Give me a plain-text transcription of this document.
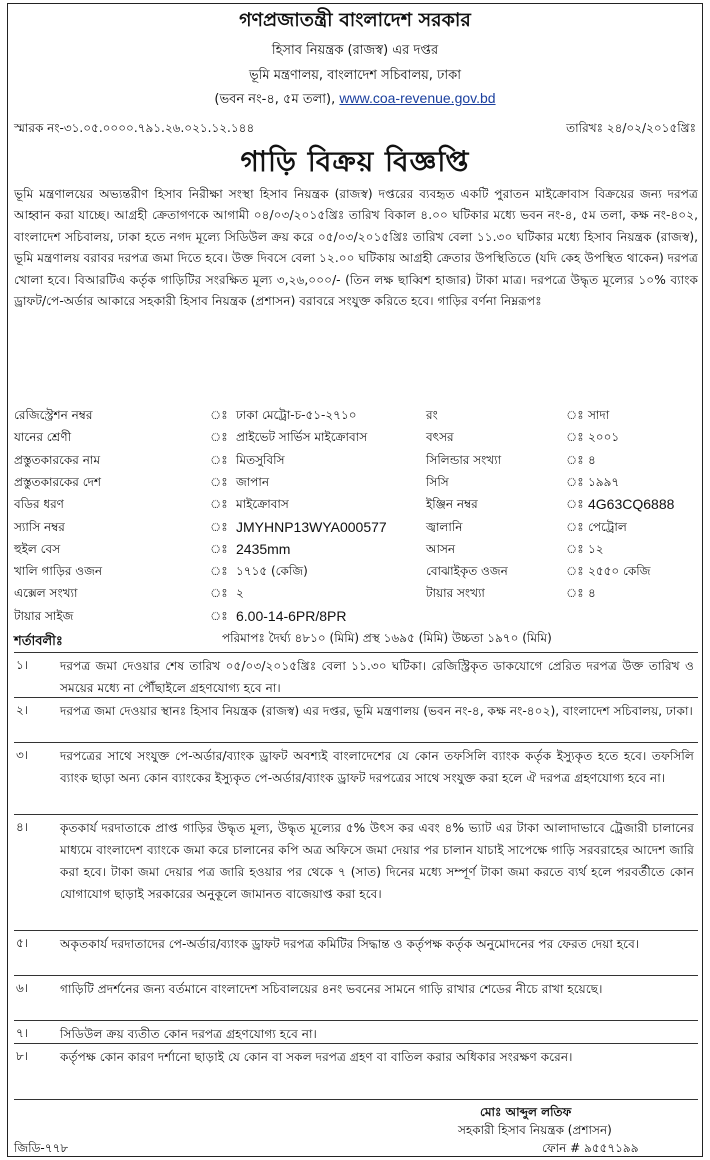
গণপ্রজাতন্ত্রী বাংলাদেশ সরকার
হিসাব নিয়ন্ত্রক (রাজস্ব) এর দপ্তর
ভূমি মন্ত্রণালয়, বাংলাদেশ সচিবালয়, ঢাকা
(ভবন নং-৪, ৫ম তলা), www.coa-revenue.gov.bd
স্মারক নং-৩১.০৫.০০০০.৭৯১.২৬.০২১.১২.১৪৪	তারিখঃ ২৪/০২/২০১৫খ্রিঃ
গাড়ি বিক্রয় বিজ্ঞপ্তি
ভূমি মন্ত্রণালয়ের অভ্যন্তরীণ হিসাব নিরীক্ষা সংস্থা হিসাব নিয়ন্ত্রক (রাজস্ব) দপ্তরের ব্যবহৃত একটি পুরাতন মাইক্রোবাস বিক্রয়ের জন্য দরপত্র আহ্বান করা যাচ্ছে। আগ্রহী ক্রেতাগণকে আগামী ০৪/০৩/২০১৫খ্রিঃ তারিখ বিকাল ৪.০০ ঘটিকার মধ্যে ভবন নং-৪, ৫ম তলা, কক্ষ নং-৪০২, বাংলাদেশ সচিবালয়, ঢাকা হতে নগদ মূল্যে সিডিউল ক্রয় করে ০৫/০৩/২০১৫খ্রিঃ তারিখ বেলা ১১.৩০ ঘটিকার মধ্যে হিসাব নিয়ন্ত্রক (রাজস্ব), ভূমি মন্ত্রণালয় বরাবর দরপত্র জমা দিতে হবে। উক্ত দিবসে বেলা ১২.০০ ঘটিকায় আগ্রহী ক্রেতার উপস্থিতিতে (যদি কেহ উপস্থিত থাকেন) দরপত্র খোলা হবে। বিআরটিএ কর্তৃক গাড়িটির সংরক্ষিত মূল্য ৩,২৬,০০০/- (তিন লক্ষ ছাব্বিশ হাজার) টাকা মাত্র। দরপত্রে উদ্ধৃত মূল্যের ১০% ব্যাংক ড্রাফট/পে-অর্ডার আকারে সহকারী হিসাব নিয়ন্ত্রক (প্রশাসন) বরাবরে সংযুক্ত করিতে হবে। গাড়ির বর্ণনা নিম্নরূপঃ
রেজিস্ট্রেশন নম্বর	ঃ ঢাকা মেট্রো-চ-৫১-২৭১০	রং	ঃ সাদা
যানের শ্রেণী	ঃ প্রাইভেট সার্ভিস মাইক্রোবাস	বৎসর	ঃ ২০০১
প্রস্তুতকারকের নাম	ঃ মিতসুবিসি	সিলিন্ডার সংখ্যা	ঃ ৪
প্রস্তুতকারকের দেশ	ঃ জাপান	সিসি	ঃ ১৯৯৭
বডির ধরণ	ঃ মাইক্রোবাস	ইঞ্জিন নম্বর	ঃ 4G63CQ6888
স্যাসি নম্বর	ঃ JMYHNP13WYA000577	জ্বালানি	ঃ পেট্রোল
হুইল বেস	ঃ 2435mm	আসন	ঃ ১২
খালি গাড়ির ওজন	ঃ ১৭১৫ (কেজি)	বোঝাইকৃত ওজন	ঃ ২৫৫০ কেজি
এক্সেল সংখ্যা	ঃ ২	টায়ার সংখ্যা	ঃ ৪
টায়ার সাইজ	ঃ 6.00-14-6PR/8PR
পরিমাপঃ দৈর্ঘ্য ৪৮১০ (মিমি) প্রস্থ ১৬৯৫ (মিমি) উচ্চতা ১৯৭০ (মিমি)
শর্তাবলীঃ
১।	দরপত্র জমা দেওয়ার শেষ তারিখ ০৫/০৩/২০১৫খ্রিঃ বেলা ১১.৩০ ঘটিকা। রেজিস্ট্রিকৃত ডাকযোগে প্রেরিত দরপত্র উক্ত তারিখ ও সময়ের মধ্যে না পৌঁছাইলে গ্রহণযোগ্য হবে না।
২।	দরপত্র জমা দেওয়ার স্থানঃ হিসাব নিয়ন্ত্রক (রাজস্ব) এর দপ্তর, ভূমি মন্ত্রণালয় (ভবন নং-৪, কক্ষ নং-৪০২), বাংলাদেশ সচিবালয়, ঢাকা।
৩।	দরপত্রের সাথে সংযুক্ত পে-অর্ডার/ব্যাংক ড্রাফট অবশ্যই বাংলাদেশের যে কোন তফসিলি ব্যাংক কর্তৃক ইস্যুকৃত হতে হবে। তফসিলি ব্যাংক ছাড়া অন্য কোন ব্যাংকের ইস্যুকৃত পে-অর্ডার/ব্যাংক ড্রাফট দরপত্রের সাথে সংযুক্ত করা হলে ঐ দরপত্র গ্রহণযোগ্য হবে না।
৪।	কৃতকার্য দরদাতাকে প্রাপ্ত গাড়ির উদ্ধৃত মূল্য, উদ্ধৃত মূল্যের ৫% উৎস কর এবং ৪% ভ্যাট এর টাকা আলাদাভাবে ট্রেজারী চালানের মাধ্যমে বাংলাদেশ ব্যাংকে জমা করে চালানের কপি অত্র অফিসে জমা দেয়ার পর চালান যাচাই সাপেক্ষে গাড়ি সরবরাহের আদেশ জারি করা হবে। টাকা জমা দেয়ার পত্র জারি হওয়ার পর থেকে ৭ (সাত) দিনের মধ্যে সম্পূর্ণ টাকা জমা করতে ব্যর্থ হলে পরবর্তীতে কোন যোগাযোগ ছাড়াই সরকারের অনুকূলে জামানত বাজেয়াপ্ত করা হবে।
৫।	অকৃতকার্য দরদাতাদের পে-অর্ডার/ব্যাংক ড্রাফট দরপত্র কমিটির সিদ্ধান্ত ও কর্তৃপক্ষ কর্তৃক অনুমোদনের পর ফেরত দেয়া হবে।
৬।	গাড়িটি প্রদর্শনের জন্য বর্তমানে বাংলাদেশ সচিবালয়ের ৪নং ভবনের সামনে গাড়ি রাখার শেডের নীচে রাখা হয়েছে।
৭।	সিডিউল ক্রয় ব্যতীত কোন দরপত্র গ্রহণযোগ্য হবে না।
৮।	কর্তৃপক্ষ কোন কারণ দর্শানো ছাড়াই যে কোন বা সকল দরপত্র গ্রহণ বা বাতিল করার অধিকার সংরক্ষণ করেন।
মোঃ আব্দুল লতিফ
সহকারী হিসাব নিয়ন্ত্রক (প্রশাসন)
ফোন # ৯৫৫৭১৯৯
জিডি-৭৭৮
